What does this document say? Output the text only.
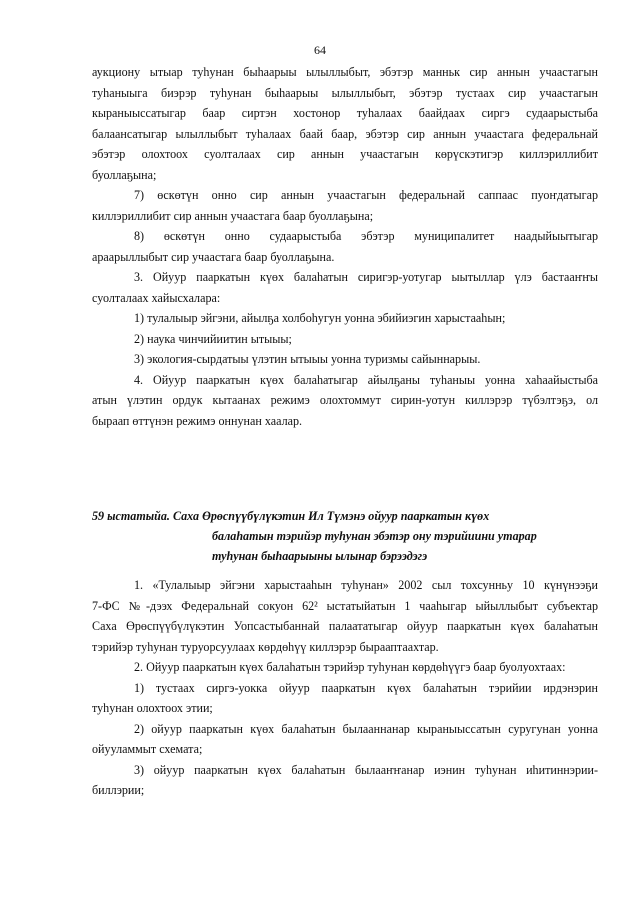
64
аукциону ытыар туһунан быһаарыы ылыллыбыт, эбэтэр манньк сир аннын учаастагын
туһаныыга биэрэр туһунан быһаарыы ылыллыбыт, эбэтэр тустаах сир учаастагын
кыраныыссатыгар баар сиртэн хостонор туһалаах баайдаах сиргэ судаарыстыба
балаансатыгар ылыллыбыт туһалаах баай баар, эбэтэр сир аннын учаастага федеральнай
эбэтэр олохтоох суолталаах сир аннын учаастагын көрүскэтигэр киллэриллибит
буоллаҕына;
7) өскөтүн онно сир аннын учаастагын федеральнай саппаас пуоҥдатыгар
киллэриллибит сир аннын учаастага баар буоллаҕына;
8) өскөтүн онно судаарыстыба эбэтэр муниципалитет наадыйыытыгар
араарыллыбыт сир учаастага баар буоллаҕына.
3. Ойуур пааркатын күөх балаһатын сиригэр-уотугар ыытыллар үлэ бастааҥҥы
суолталаах хайысхалара:
1) тулалыыр эйгэни, айылҕа холбоһугун уонна эбийиэгин харыстааһын;
2) наука чинчийиитин ытыыы;
3) экология-сырдатыы үлэтин ытыыы уонна туризмы сайыннарыы.
4. Ойуур пааркатын күөх балаһатыгар айылҕаны туһаныы уонна хаһаайыстыба
атын үлэтин ордук кытаанах режимэ олохтоммут сирин-уотун киллэрэр түбэлтэҕэ, ол
быраап өттүнэн режимэ оннунан хаалар.
59 ыстатыйа. Саха Өрөспүүбүлүкэтин Ил Түмэнэ ойуур пааркатын күөх
балаһатын тэрийэр туһунан эбэтэр ону тэрийиини утарар
туһунан быһаарыыны ылынар бэрээдэгэ
1. «Тулалыыр эйгэни харыстааһын туһунан» 2002 сыл тохсунньу 10 күнүнээҕи
7-ФС №-дээх Федеральнай сокуон 62² ыстатыйатын 1 чааһыгар ыйыллыбыт субъектар
Саха Өрөспүүбүлүкэтин Уопсастыбаннай палаататыгар ойуур пааркатын күөх балаһатын
тэрийэр туһунан туруорсуулаах көрдөһүү киллэрэр бырааптаахтар.
2. Ойуур пааркатын күөх балаһатын тэрийэр туһунан көрдөһүүгэ баар буолуохтаах:
1) тустаах сиргэ-уокка ойуур пааркатын күөх балаһатын тэрийии ирдэнэрин
туһунан олохтоох этии;
2) ойуур пааркатын күөх балаһатын былааннанар кыраныыссатын суругунан уонна
ойууламмыт схемата;
3) ойуур пааркатын күөх балаһатын былааҥҥанар иэнин туһунан иһитиннэрии-
биллэрии;
